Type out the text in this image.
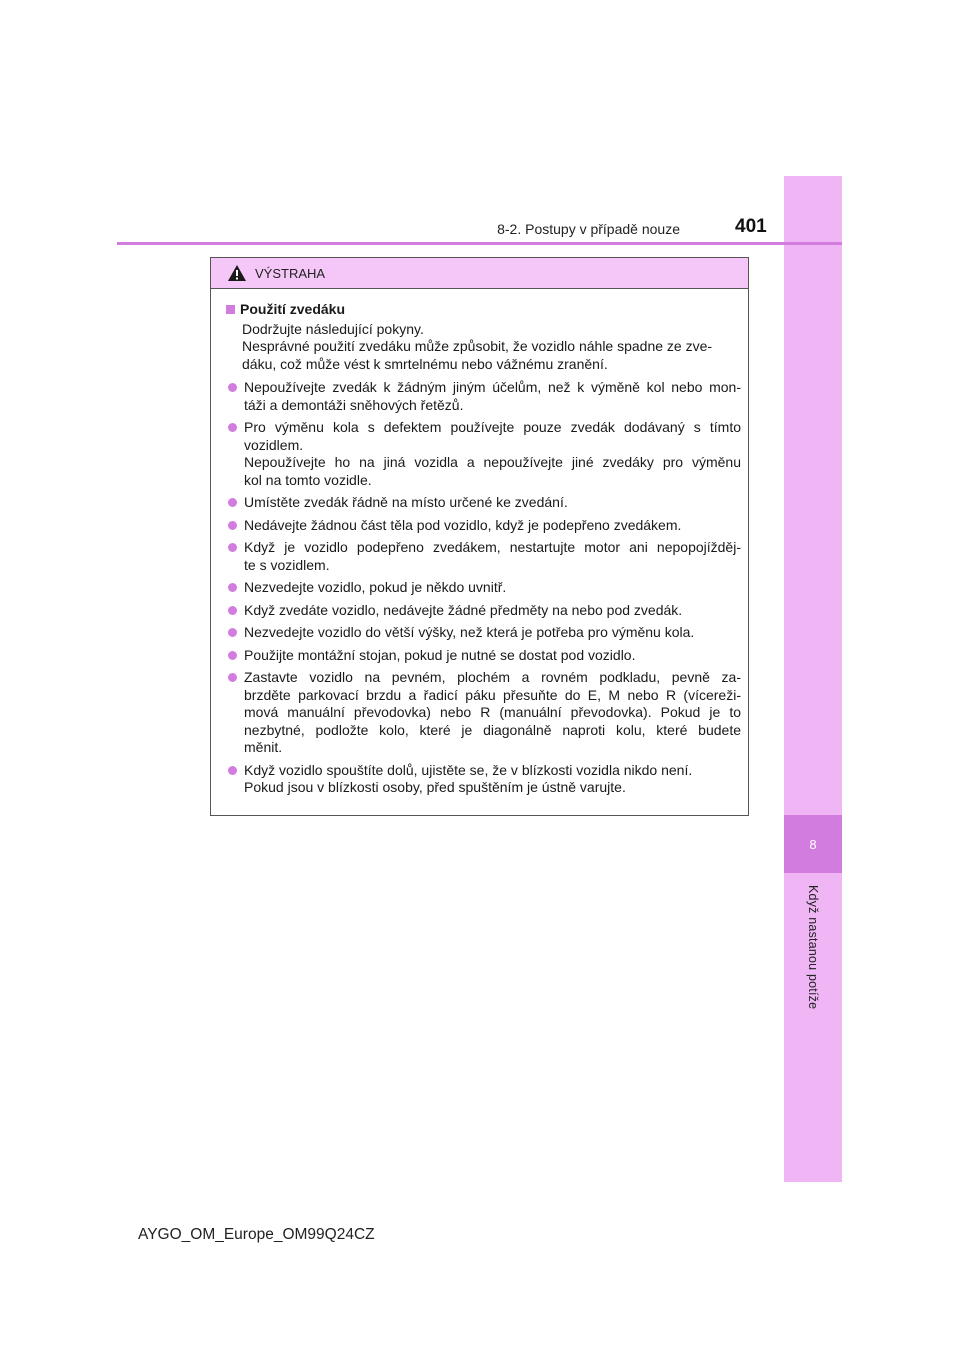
8
Když nastanou potíže
8-2. Postupy v případě nouze	401
VÝSTRAHA
Použití zvedáku
Dodržujte následující pokyny.
Nesprávné použití zvedáku může způsobit, že vozidlo náhle spadne ze zve-
dáku, což může vést k smrtelnému nebo vážnému zranění.
Nepoužívejte zvedák k žádným jiným účelům, než k výměně kol nebo mon-
táži a demontáži sněhových řetězů.
Pro výměnu kola s defektem používejte pouze zvedák dodávaný s tímto
vozidlem.
Nepoužívejte ho na jiná vozidla a nepoužívejte jiné zvedáky pro výměnu
kol na tomto vozidle.
Umístěte zvedák řádně na místo určené ke zvedání.
Nedávejte žádnou část těla pod vozidlo, když je podepřeno zvedákem.
Když je vozidlo podepřeno zvedákem, nestartujte motor ani nepopojížděj-
te s vozidlem.
Nezvedejte vozidlo, pokud je někdo uvnitř.
Když zvedáte vozidlo, nedávejte žádné předměty na nebo pod zvedák.
Nezvedejte vozidlo do větší výšky, než která je potřeba pro výměnu kola.
Použijte montážní stojan, pokud je nutné se dostat pod vozidlo.
Zastavte vozidlo na pevném, plochém a rovném podkladu, pevně za-
brzděte parkovací brzdu a řadicí páku přesuňte do E, M nebo R (vícereži-
mová manuální převodovka) nebo R (manuální převodovka). Pokud je to
nezbytné, podložte kolo, které je diagonálně naproti kolu, které budete
měnit.
Když vozidlo spouštíte dolů, ujistěte se, že v blízkosti vozidla nikdo není.
Pokud jsou v blízkosti osoby, před spuštěním je ústně varujte.
AYGO_OM_Europe_OM99Q24CZ
